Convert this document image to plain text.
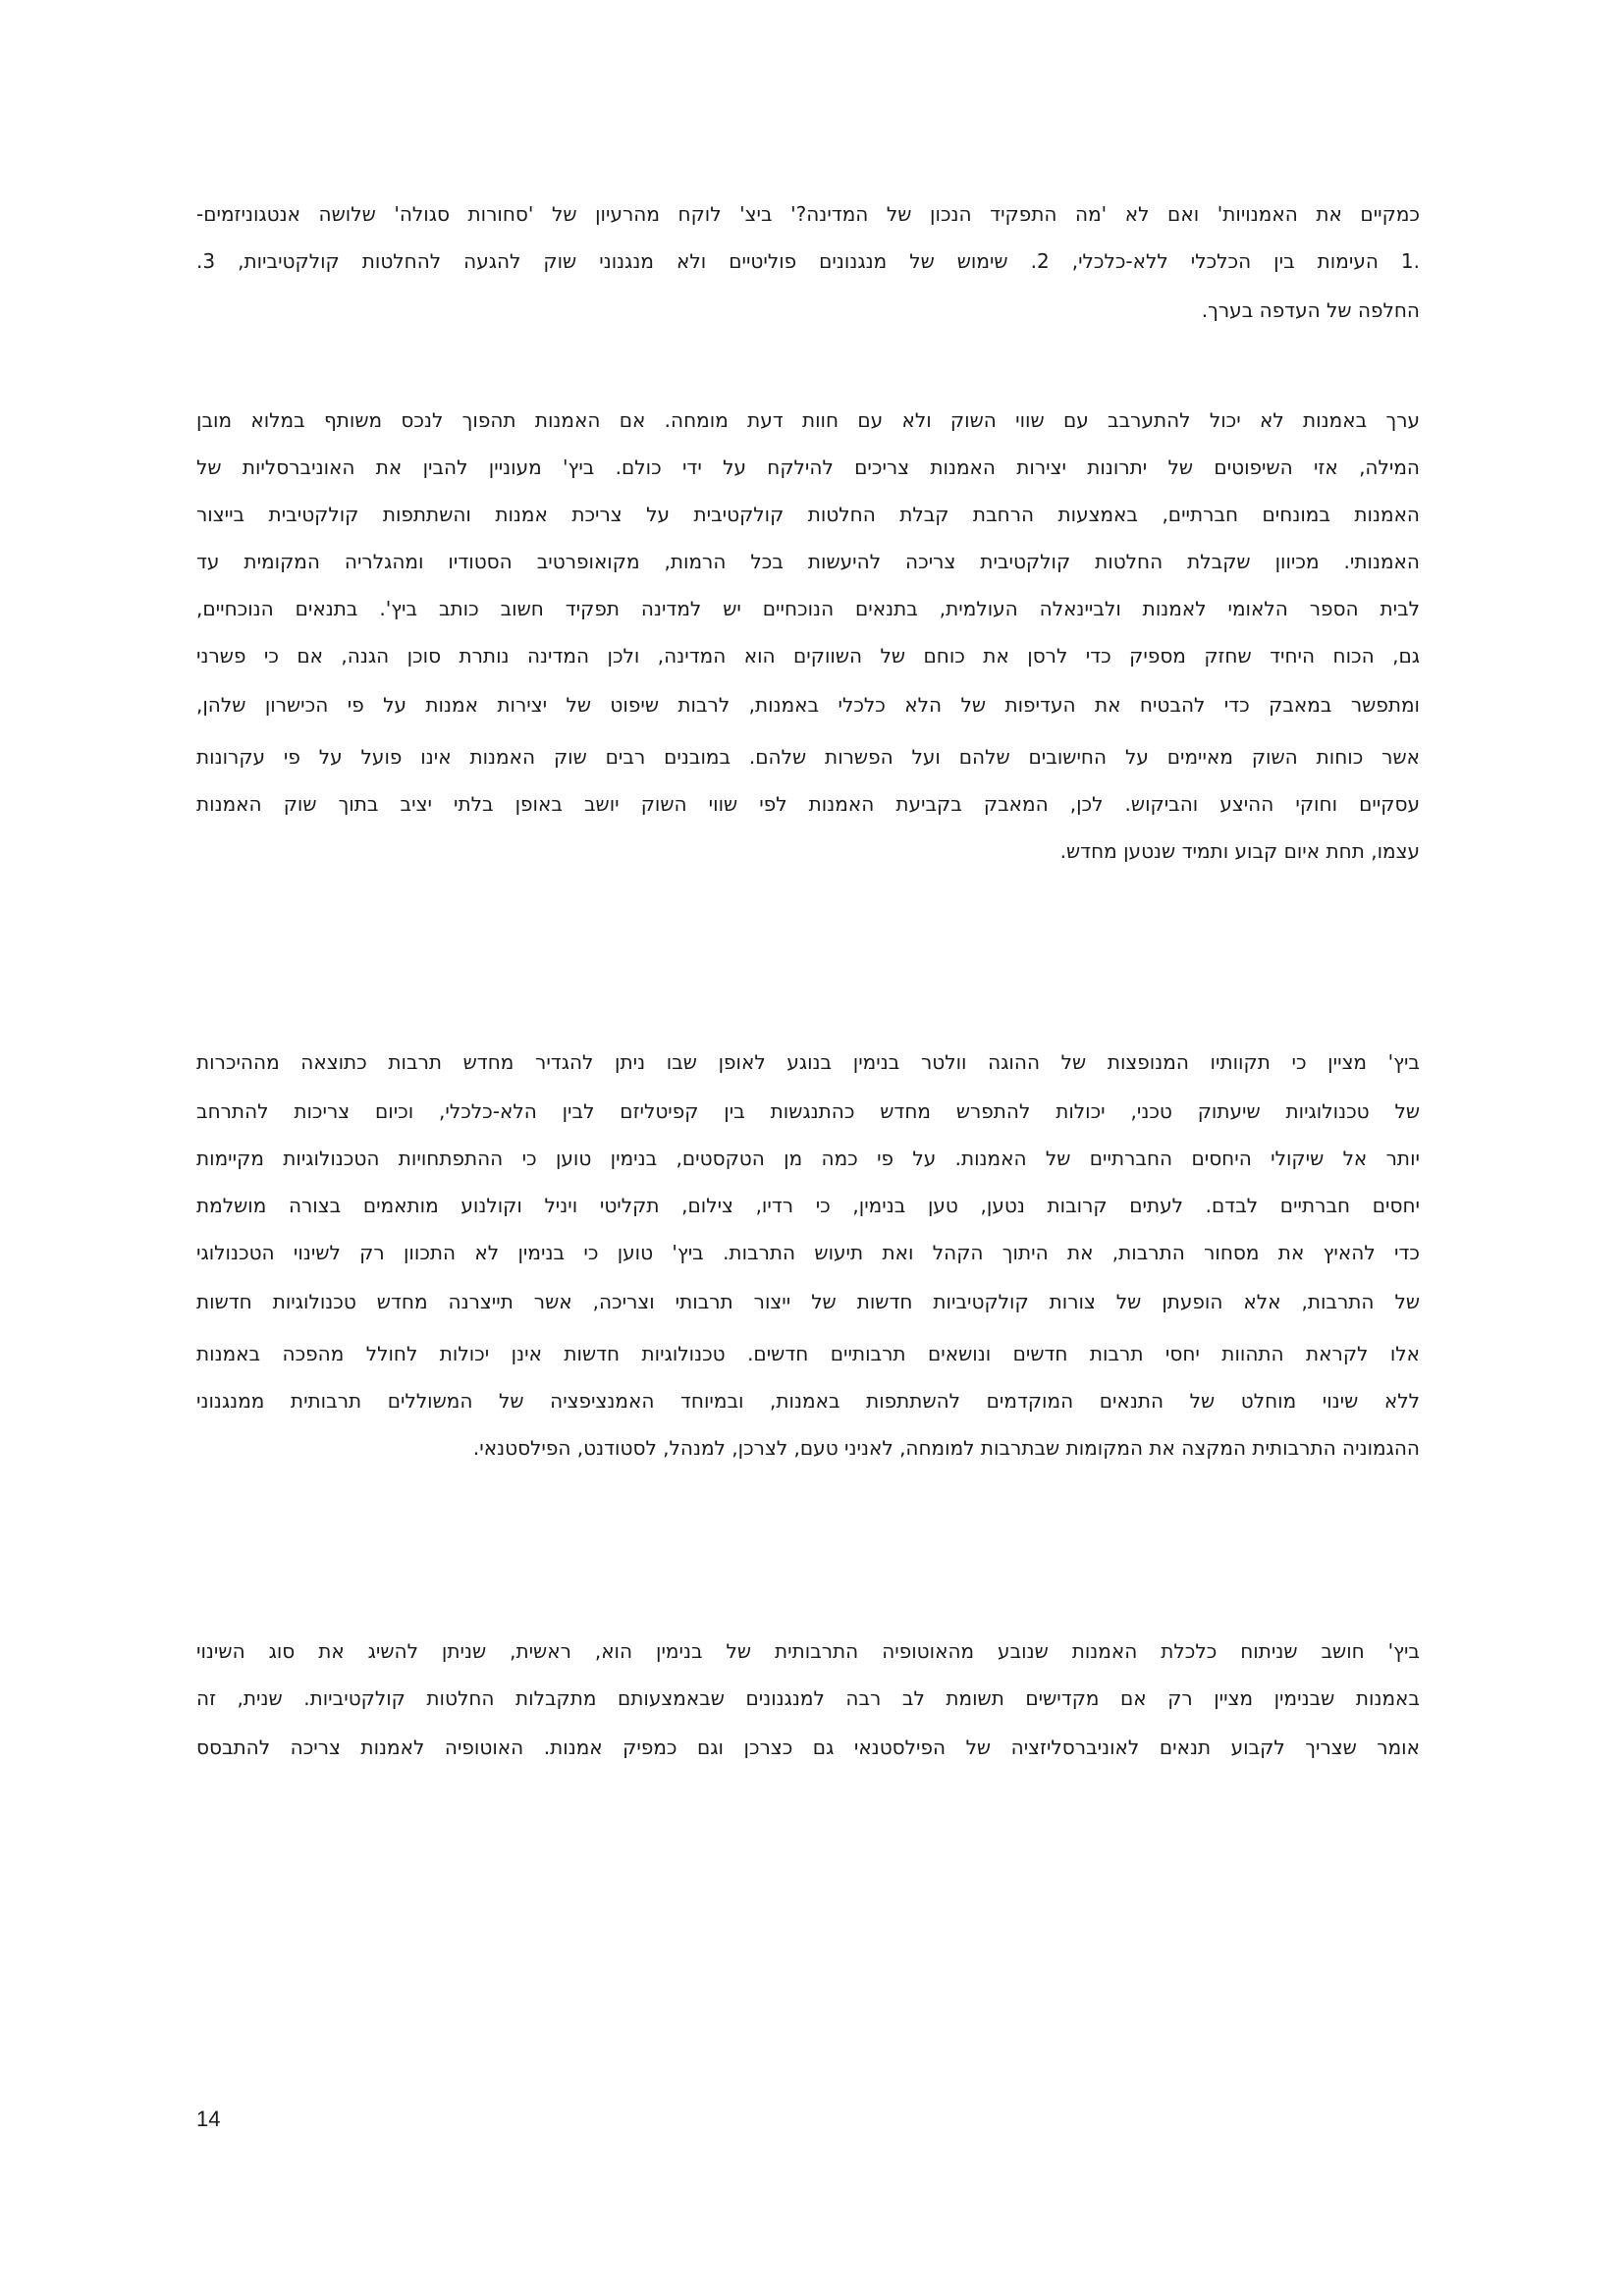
כמקיים את האמנויות' ואם לא 'מה התפקיד הנכון של המדינה?' ביצ' לוקח מהרעיון של 'סחורות סגולה' שלושה אנטגוניזמים-
.1 העימות בין הכלכלי ללא-כלכלי, 2. שימוש של מנגנונים פוליטיים ולא מנגנוני שוק להגעה להחלטות קולקטיביות, 3.
החלפה של העדפה בערך.
ערך באמנות לא יכול להתערבב עם שווי השוק ולא עם חוות דעת מומחה. אם האמנות תהפוך לנכס משותף במלוא מובן
המילה, אזי השיפוטים של יתרונות יצירות האמנות צריכים להילקח על ידי כולם. ביץ' מעוניין להבין את האוניברסליות של
האמנות במונחים חברתיים, באמצעות הרחבת קבלת החלטות קולקטיבית על צריכת אמנות והשתתפות קולקטיבית בייצור
האמנותי. מכיוון שקבלת החלטות קולקטיבית צריכה להיעשות בכל הרמות, מקואופרטיב הסטודיו ומהגלריה המקומית עד
לבית הספר הלאומי לאמנות ולביינאלה העולמית, בתנאים הנוכחיים יש למדינה תפקיד חשוב כותב ביץ'. בתנאים הנוכחיים,
גם, הכוח היחיד שחזק מספיק כדי לרסן את כוחם של השווקים הוא המדינה, ולכן המדינה נותרת סוכן הגנה, אם כי פשרני
ומתפשר במאבק כדי להבטיח את העדיפות של הלא כלכלי באמנות, לרבות שיפוט של יצירות אמנות על פי הכישרון שלהן,
אשר כוחות השוק מאיימים על החישובים שלהם ועל הפשרות שלהם. במובנים רבים שוק האמנות אינו פועל על פי עקרונות
עסקיים וחוקי ההיצע והביקוש. לכן, המאבק בקביעת האמנות לפי שווי השוק יושב באופן בלתי יציב בתוך שוק האמנות
עצמו, תחת איום קבוע ותמיד שנטען מחדש.
ביץ' מציין כי תקוותיו המנופצות של ההוגה וולטר בנימין בנוגע לאופן שבו ניתן להגדיר מחדש תרבות כתוצאה מההיכרות
של טכנולוגיות שיעתוק טכני, יכולות להתפרש מחדש כהתנגשות בין קפיטליזם לבין הלא-כלכלי, וכיום צריכות להתרחב
יותר אל שיקולי היחסים החברתיים של האמנות. על פי כמה מן הטקסטים, בנימין טוען כי ההתפתחויות הטכנולוגיות מקיימות
יחסים חברתיים לבדם. לעתים קרובות נטען, טען בנימין, כי רדיו, צילום, תקליטי ויניל וקולנוע מותאמים בצורה מושלמת
כדי להאיץ את מסחור התרבות, את היתוך הקהל ואת תיעוש התרבות. ביץ' טוען כי בנימין לא התכוון רק לשינוי הטכנולוגי
של התרבות, אלא הופעתן של צורות קולקטיביות חדשות של ייצור תרבותי וצריכה, אשר תייצרנה מחדש טכנולוגיות חדשות
אלו לקראת התהוות יחסי תרבות חדשים ונושאים תרבותיים חדשים. טכנולוגיות חדשות אינן יכולות לחולל מהפכה באמנות
ללא שינוי מוחלט של התנאים המוקדמים להשתתפות באמנות, ובמיוחד האמנציפציה של המשוללים תרבותית ממנגנוני
ההגמוניה התרבותית המקצה את המקומות שבתרבות למומחה, לאניני טעם, לצרכן, למנהל, לסטודנט, הפילסטנאי.
ביץ' חושב שניתוח כלכלת האמנות שנובע מהאוטופיה התרבותית של בנימין הוא, ראשית, שניתן להשיג את סוג השינוי
באמנות שבנימין מציין רק אם מקדישים תשומת לב רבה למנגנונים שבאמצעותם מתקבלות החלטות קולקטיביות. שנית, זה
אומר שצריך לקבוע תנאים לאוניברסליזציה של הפילסטנאי גם כצרכן וגם כמפיק אמנות. האוטופיה לאמנות צריכה להתבסס
14
